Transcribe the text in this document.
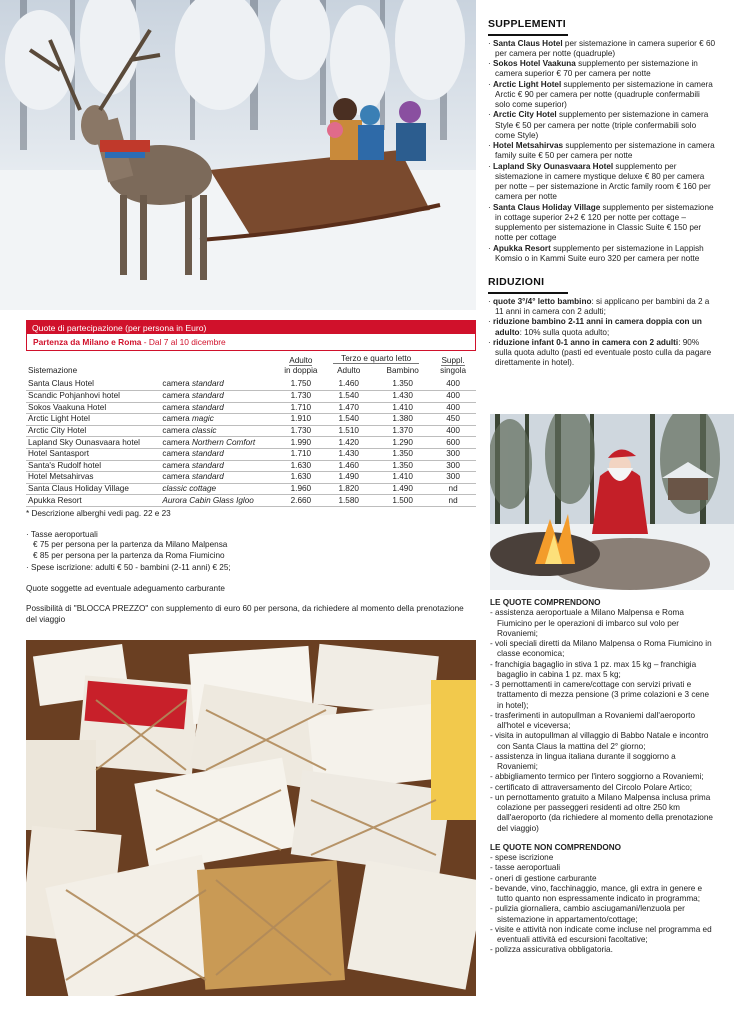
SUPPLEMENTI
· Santa Claus Hotel per sistemazione in camera superior € 60 per camera per notte (quadruple)
· Sokos Hotel Vaakuna supplemento per sistemazione in camera superior € 70 per camera per notte
· Arctic Light Hotel supplemento per sistemazione in camera Arctic € 90 per camera per notte (quadruple confermabili solo come superior)
· Arctic City Hotel supplemento per sistemazione in camera Style € 50 per camera per notte (triple confermabili solo come Style)
· Hotel Metsahirvas supplemento per sistemazione in camera family suite € 50 per camera per notte
· Lapland Sky Ounasvaara Hotel supplemento per sistemazione in camere mystique deluxe € 80 per camera per notte – per sistemazione in Arctic family room € 160 per camera per notte
· Santa Claus Holiday Village supplemento per sistemazione in cottage superior 2+2 € 120 per notte per cottage – supplemento per sistemazione in Classic Suite € 150 per notte per cottage
· Apukka Resort supplemento per sistemazione in Lappish Komsio o in Kammi Suite euro 320 per camera per notte
RIDUZIONI
· quote 3°/4° letto bambino: si applicano per bambini da 2 a 11 anni in camera con 2 adulti;
· riduzione bambino 2-11 anni in camera doppia con un adulto: 10% sulla quota adulto;
· riduzione infant 0-1 anno in camera con 2 adulti: 90% sulla quota adulto (pasti ed eventuale posto culla da pagare direttamente in hotel).
Quote di partecipazione (per persona in Euro)
Partenza da Milano e Roma - Dal 7 al 10 dicembre
Sistemazione		Adulto
in doppia	Terzo e quarto letto		Suppl.
singola
			Adulto	Bambino	
Santa Claus Hotel	camera standard	1.750	1.460	1.350	400
Scandic Pohjanhovi hotel	camera standard	1.730	1.540	1.430	400
Sokos Vaakuna Hotel	camera standard	1.710	1.470	1.410	400
Arctic Light Hotel	camera magic	1.910	1.540	1.380	450
Arctic City Hotel	camera classic	1.730	1.510	1.370	400
Lapland Sky Ounasvaara hotel	camera Northern Comfort	1.990	1.420	1.290	600
Hotel Santasport	camera standard	1.710	1.430	1.350	300
Santa's Rudolf hotel	camera standard	1.630	1.460	1.350	300
Hotel Metsahirvas	camera standard	1.630	1.490	1.410	300
Santa Claus Holiday Village	classic cottage	1.960	1.820	1.490	nd
Apukka Resort	Aurora Cabin Glass Igloo	2.660	1.580	1.500	nd
* Descrizione alberghi vedi pag. 22 e 23
· Tasse aeroportuali
€ 75 per persona per la partenza da Milano Malpensa
€ 85 per persona per la partenza da Roma Fiumicino
· Spese iscrizione: adulti € 50 - bambini (2-11 anni) € 25;
Quote soggette ad eventuale adeguamento carburante
Possibilità di "BLOCCA PREZZO" con supplemento di euro 60 per persona, da richiedere al momento della prenotazione del viaggio
LE QUOTE COMPRENDONO
- assistenza aeroportuale a Milano Malpensa e Roma Fiumicino per le operazioni di imbarco sul volo per Rovaniemi;
- voli speciali diretti da Milano Malpensa o Roma Fiumicino in classe economica;
- franchigia bagaglio in stiva 1 pz. max 15 kg – franchigia bagaglio in cabina 1 pz. max 5 kg;
- 3 pernottamenti in camere/cottage con servizi privati e trattamento di mezza pensione (3 prime colazioni e 3 cene in hotel);
- trasferimenti in autopullman a Rovaniemi dall'aeroporto all'hotel e viceversa;
- visita in autopullman al villaggio di Babbo Natale e incontro con Santa Claus la mattina del 2° giorno;
- assistenza in lingua italiana durante il soggiorno a Rovaniemi;
- abbigliamento termico per l'intero soggiorno a Rovaniemi;
- certificato di attraversamento del Circolo Polare Artico;
- un pernottamento gratuito a Milano Malpensa inclusa prima colazione per passeggeri residenti ad oltre 250 km dall'aeroporto (da richiedere al momento della prenotazione del viaggio)
LE QUOTE NON COMPRENDONO
- spese iscrizione
- tasse aeroportuali
- oneri di gestione carburante
- bevande, vino, facchinaggio, mance, gli extra in genere e tutto quanto non espressamente indicato in programma;
- pulizia giornaliera, cambio asciugamani/lenzuola per sistemazione in appartamento/cottage;
- visite e attività non indicate come incluse nel programma ed eventuali attività ed escursioni facoltative;
- polizza assicurativa obbligatoria.
